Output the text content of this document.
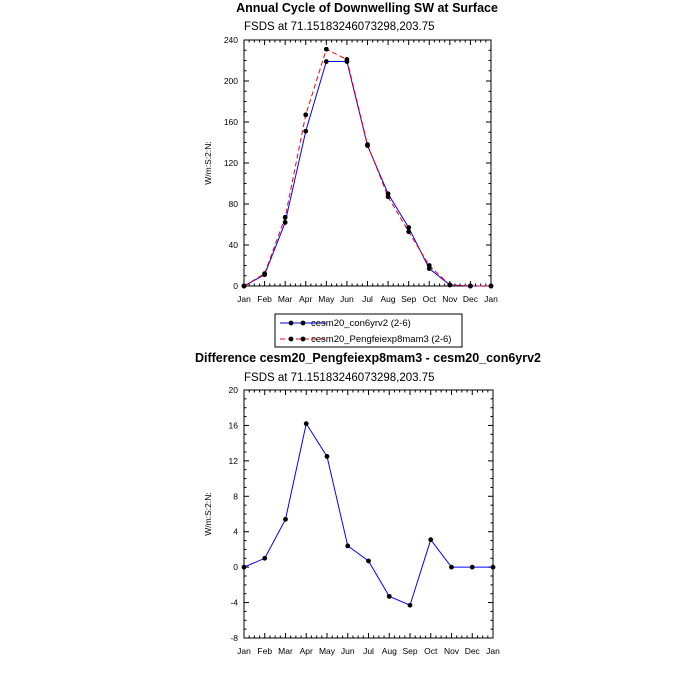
Annual Cycle of Downwelling SW at Surface
FSDS at 71.15183246073298,203.75
W/m:S:2:N:
cesm20_con6yrv2 (2-6)
cesm20_Pengfeiexp8mam3 (2-6)
Difference cesm20_Pengfeiexp8mam3 - cesm20_con6yrv2
FSDS at 71.15183246073298,203.75
W/m:S:2:N:
0
40
80
120
160
200
240
Jan Feb Mar Apr May Jun Jul Aug Sep Oct Nov Dec Jan
-8
-4
0
4
8
12
16
20
Jan Feb Mar Apr May Jun Jul Aug Sep Oct Nov Dec Jan
